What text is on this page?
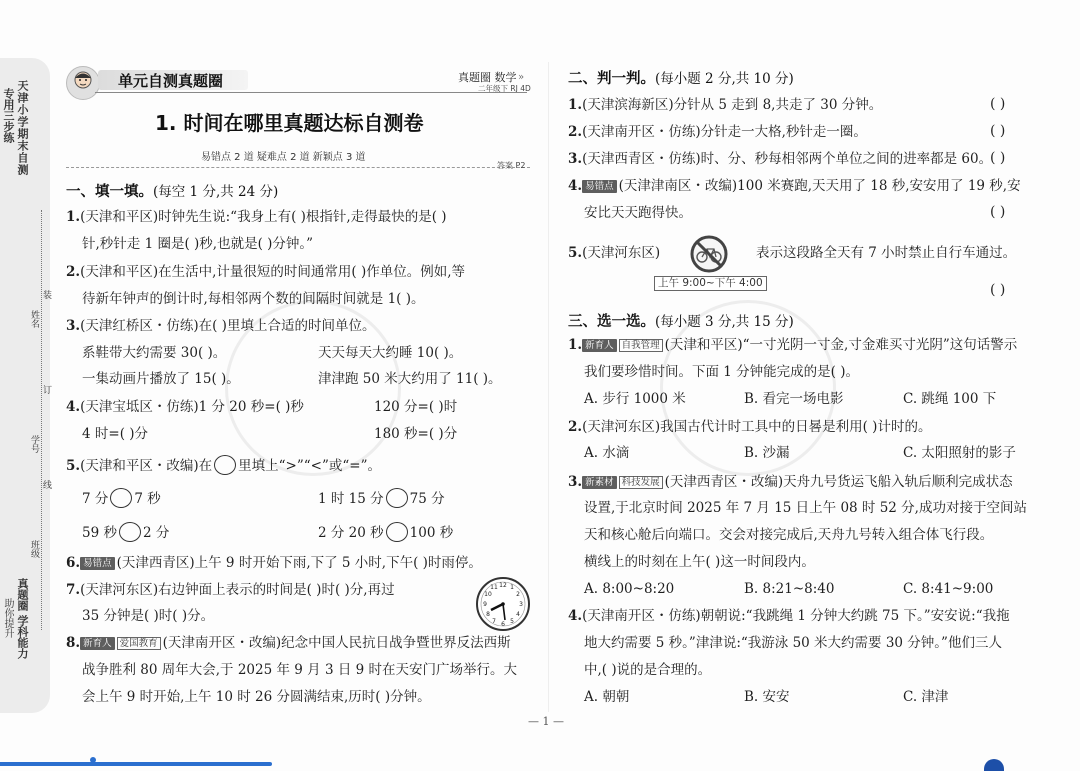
天津小学期末自测
专用三步练
真题圈 学科能力
助你提升
姓名
学号
班级
装
订
线
单元自测真题圈	真题圈 数学
二年级下 RJ 4D
»
1. 时间在哪里真题达标自测卷
易错点 2 道 疑难点 2 道 新颖点 3 道
答案 P2
一、填一填。(每空 1 分,共 24 分)
1.(天津和平区)时钟先生说:“我身上有( )根指针,走得最快的是( )
针,秒针走 1 圈是( )秒,也就是( )分钟。”
2.(天津和平区)在生活中,计量很短的时间通常用( )作单位。例如,等
待新年钟声的倒计时,每相邻两个数的间隔时间就是 1( )。
3.(天津红桥区・仿练)在( )里填上合适的时间单位。
系鞋带大约需要 30( )。	天天每天大约睡 10( )。
一集动画片播放了 15( )。	津津跑 50 米大约用了 11( )。
4.(天津宝坻区・仿练)1 分 20 秒=( )秒	120 分=( )时
4 时=( )分	180 秒=( )分
5.(天津和平区・改编)在 里填上“>”“<”或“=”。
7 分 7 秒	1 时 15 分 75 分
59 秒 2 分	2 分 20 秒 100 秒
6. 易错点 (天津西青区)上午 9 时开始下雨,下了 5 小时,下午( )时雨停。
7.(天津河东区)右边钟面上表示的时间是( )时( )分,再过
35 分钟是( )时( )分。
12 1
2
3
4
5
6
7
8
9
10
11
8. 新育人 爱国教育 (天津南开区・改编)纪念中国人民抗日战争暨世界反法西斯
战争胜利 80 周年大会,于 2025 年 9 月 3 日 9 时在天安门广场举行。大
会上午 9 时开始,上午 10 时 26 分圆满结束,历时( )分钟。
二、判一判。(每小题 2 分,共 10 分)
1.(天津滨海新区)分针从 5 走到 8,共走了 30 分钟。	( )
2.(天津南开区・仿练)分针走一大格,秒针走一圈。	( )
3.(天津西青区・仿练)时、分、秒每相邻两个单位之间的进率都是 60。
( )
4. 易错点 (天津津南区・改编)100 米赛跑,天天用了 18 秒,安安用了 19 秒,安
安比天天跑得快。	( )
5.(天津河东区)	表示这段路全天有 7 小时禁止自行车通过。
上午 9:00~下午 4:00	( )
三、选一选。(每小题 3 分,共 15 分)
1. 新育人 自我管理 (天津和平区)“一寸光阴一寸金,寸金难买寸光阴”这句话警示
我们要珍惜时间。下面 1 分钟能完成的是( )。
A. 步行 1000 米	B. 看完一场电影	C. 跳绳 100 下
2.(天津河东区)我国古代计时工具中的日晷是利用( )计时的。
A. 水滴	B. 沙漏	C. 太阳照射的影子
3. 新素材 科技发展 (天津西青区・改编)天舟九号货运飞船入轨后顺利完成状态
设置,于北京时间 2025 年 7 月 15 日上午 08 时 52 分,成功对接于空间站
天和核心舱后向端口。交会对接完成后,天舟九号转入组合体飞行段。
横线上的时刻在上午( )这一时间段内。
A. 8:00~8:20	B. 8:21~8:40	C. 8:41~9:00
4.(天津南开区・仿练)朝朝说:“我跳绳 1 分钟大约跳 75 下。”安安说:“我拖
地大约需要 5 秒。”津津说:“我游泳 50 米大约需要 30 分钟。”他们三人
中,( )说的是合理的。
A. 朝朝	B. 安安	C. 津津
— 1 —
